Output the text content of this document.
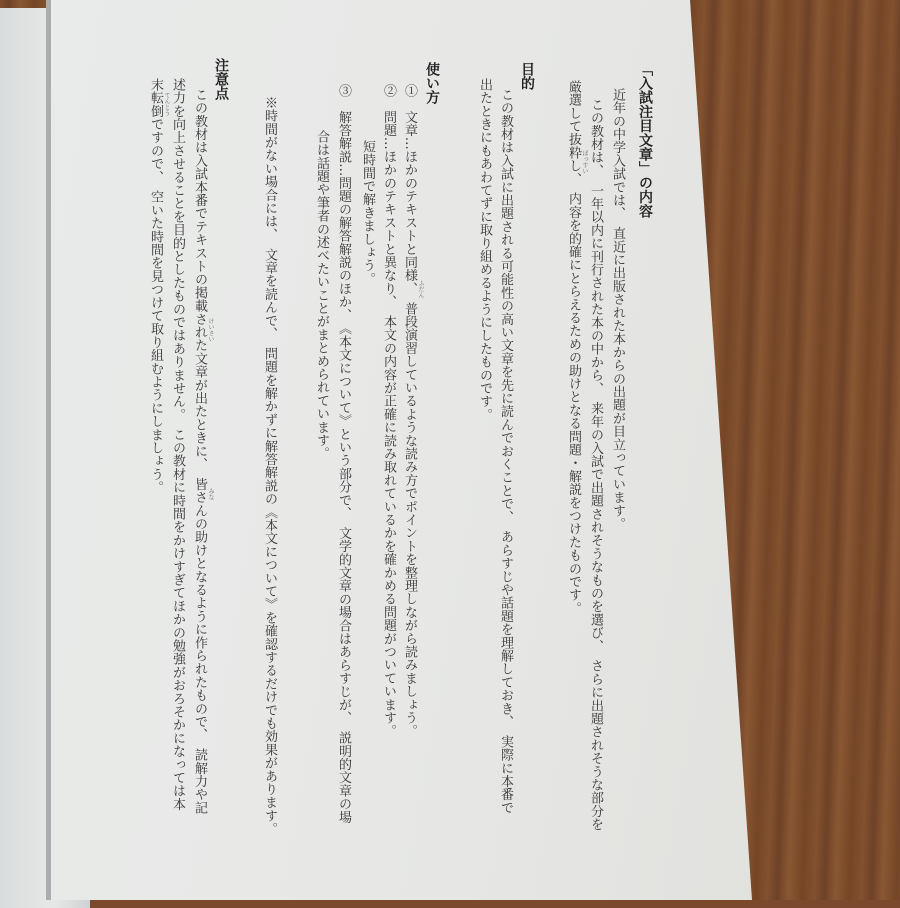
「入試注目文章」の内容
近年の中学入試では、　直近に出版された本からの出題が目立っています。
この教材は、　一年以内に刊行された本の中から、　来年の入試で出題されそうなものを選び、　さらに出題されそうな部分を
厳選して抜粋し、　内容を的確にとらえるための助けとなる問題・解説をつけたものです。 ばっすい
目的
この教材は入試に出題される可能性の高い文章を先に読んでおくことで、　あらすじや話題を理解しておき、　実際に本番で
出たときにもあわてずに取り組めるようにしたものです。
使い方
①　文章…ほかのテキストと同様、　普段演習しているような読み方でポイントを整理しながら読みましょう。
②　問題…ほかのテキストと異なり、　本文の内容が正確に読み取れているかを確かめる問題がついています。
短時間で解きましょう。
③　解答解説…問題の解答解説のほか、　《本文について》という部分で、　文学的文章の場合はあらすじが、　説明的文章の場
合は話題や筆者の述べたいことがまとめられています。	ふだん
※時間がない場合には、　文章を読んで、　問題を解かずに解答解説の《本文について》を確認するだけでも効果があります。
注意点
この教材は入試本番でテキストの掲載された文章が出たときに、　皆さんの助けとなるように作られたもので、　読解力や記
述力を向上させることを目的としたものではありません。　この教材に時間をかけすぎてほかの勉強がおろそかになっては本
末転倒ですので、　空いた時間を見つけて取り組むようにしましょう。	けいさい
みな
てんとう
